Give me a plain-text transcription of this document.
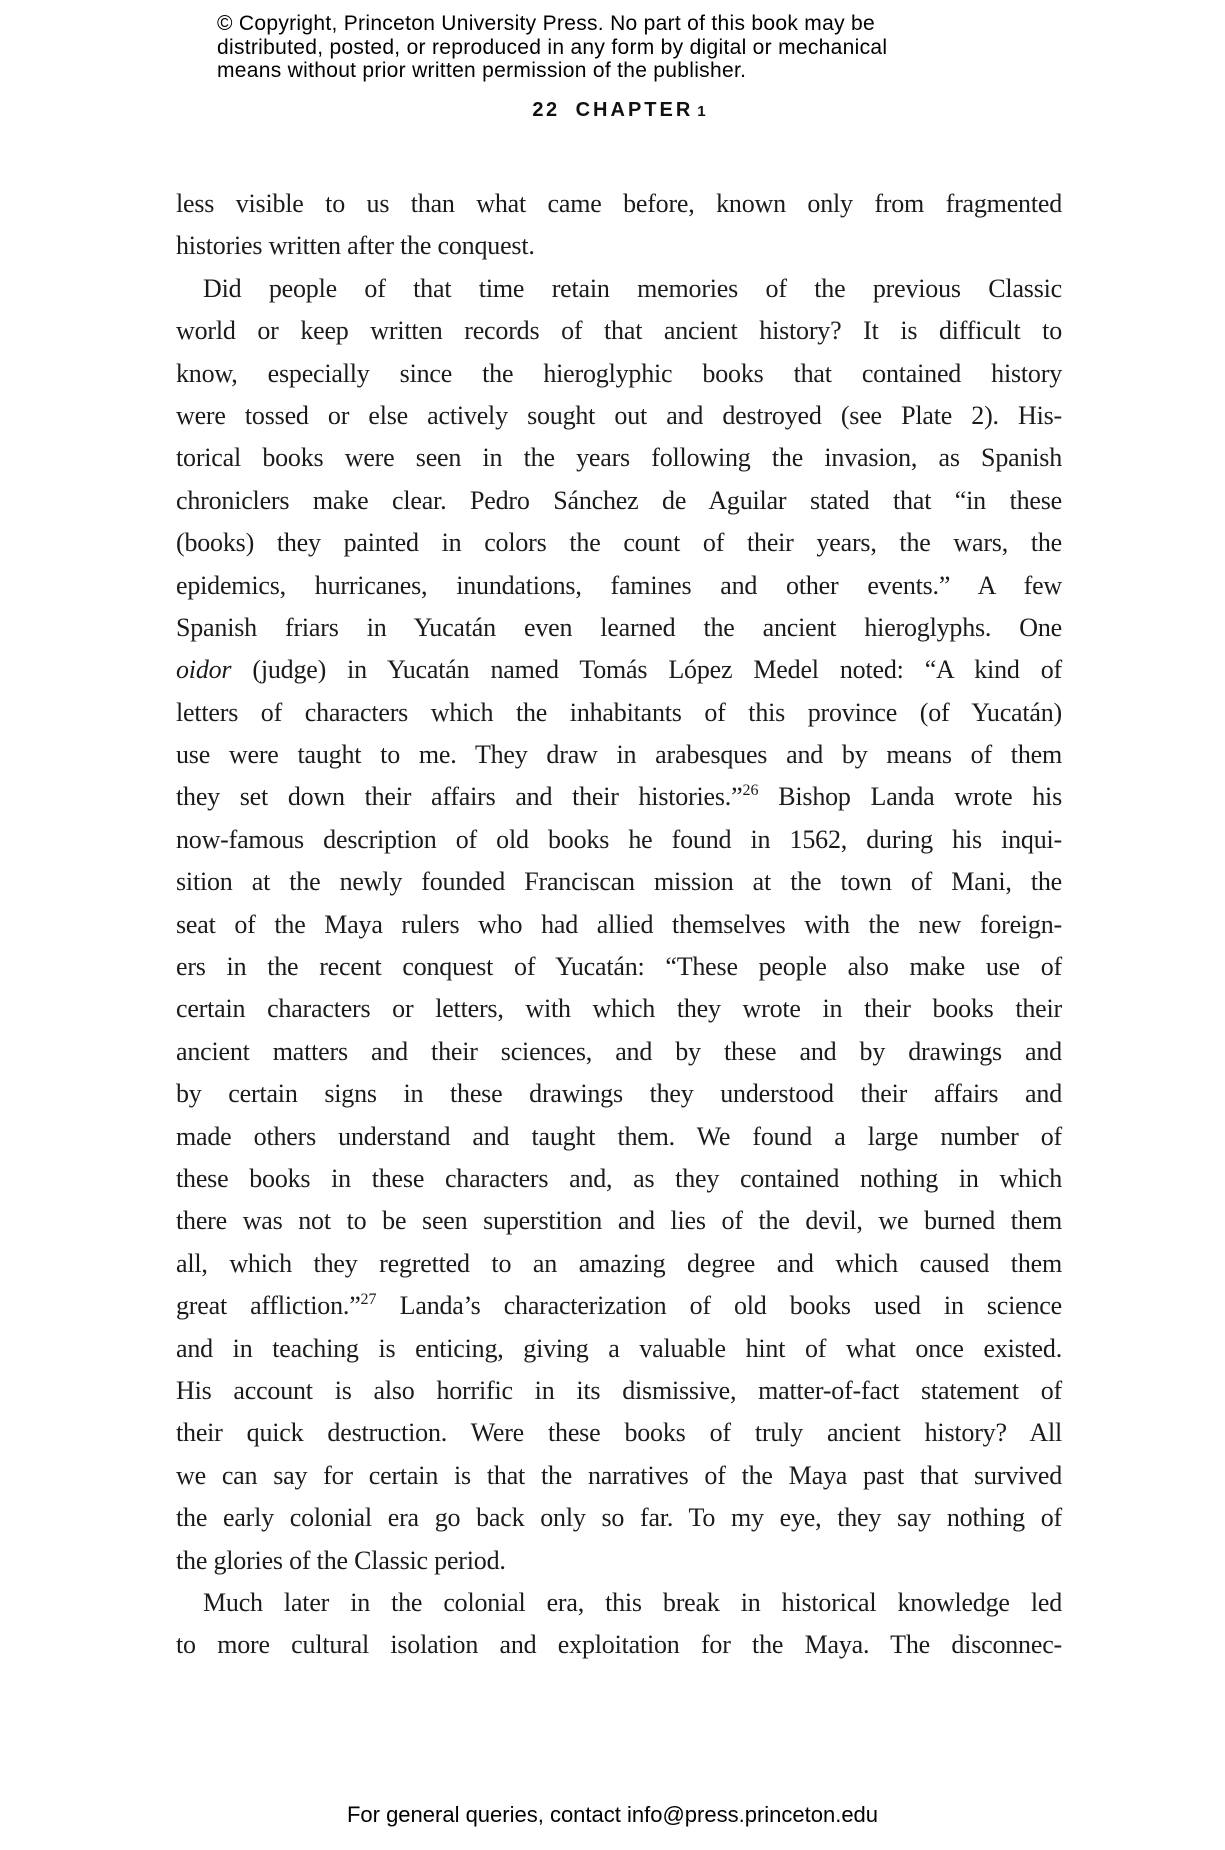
© Copyright, Princeton University Press. No part of this book may be
distributed, posted, or reproduced in any form by digital or mechanical
means without prior written permission of the publisher.
22 CHAPTER 1
less visible to us than what came before, known only from fragmented
histories written after the conquest.
Did people of that time retain memories of the previous Classic
world or keep written records of that ancient history? It is difficult to
know, especially since the hieroglyphic books that contained history
were tossed or else actively sought out and destroyed (see Plate 2). His-
torical books were seen in the years following the invasion, as Spanish
chroniclers make clear. Pedro Sánchez de Aguilar stated that “in these
(books) they painted in colors the count of their years, the wars, the
epidemics, hurricanes, inundations, famines and other events.” A few
Spanish friars in Yucatán even learned the ancient hieroglyphs. One
oidor (judge) in Yucatán named Tomás López Medel noted: “A kind of
letters of characters which the inhabitants of this province (of Yucatán)
use were taught to me. They draw in arabesques and by means of them
they set down their affairs and their histories.”$^{26}$ Bishop Landa wrote his
now-famous description of old books he found in 1562, during his inqui-
sition at the newly founded Franciscan mission at the town of Mani, the
seat of the Maya rulers who had allied themselves with the new foreign-
ers in the recent conquest of Yucatán: “These people also make use of
certain characters or letters, with which they wrote in their books their
ancient matters and their sciences, and by these and by drawings and
by certain signs in these drawings they understood their affairs and
made others understand and taught them. We found a large number of
these books in these characters and, as they contained nothing in which
there was not to be seen superstition and lies of the devil, we burned them
all, which they regretted to an amazing degree and which caused them
great affliction.”$^{27}$ Landa’s characterization of old books used in science
and in teaching is enticing, giving a valuable hint of what once existed.
His account is also horrific in its dismissive, matter-of-fact statement of
their quick destruction. Were these books of truly ancient history? All
we can say for certain is that the narratives of the Maya past that survived
the early colonial era go back only so far. To my eye, they say nothing of
the glories of the Classic period.
Much later in the colonial era, this break in historical knowledge led
to more cultural isolation and exploitation for the Maya. The disconnec-
For general queries, contact info@press.princeton.edu
